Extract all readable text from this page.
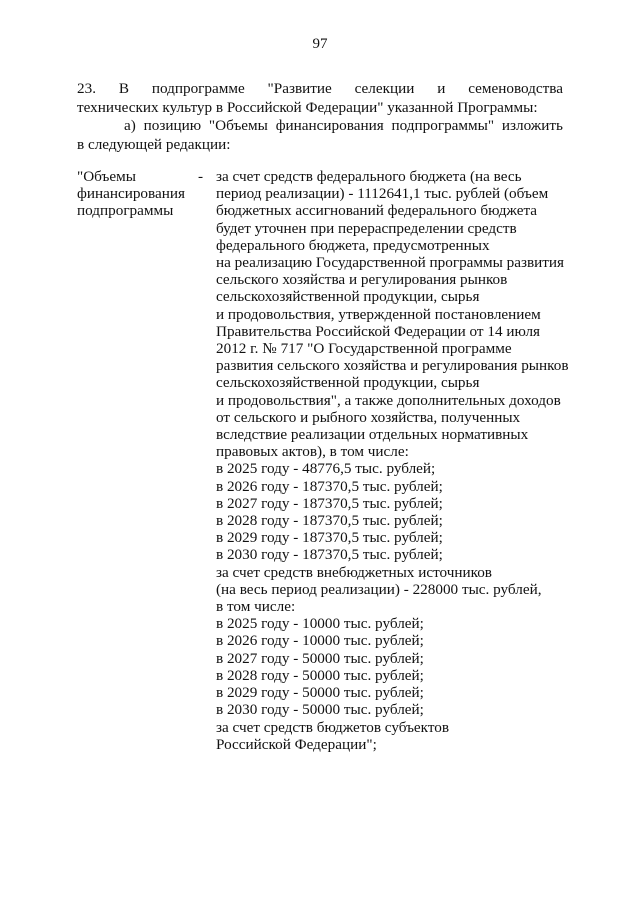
97
23. В подпрограмме "Развитие селекции и семеноводства
технических культур в Российской Федерации" указанной Программы:
а) позицию "Объемы финансирования подпрограммы" изложить
в следующей редакции:
"Объемы
финансирования
подпрограммы
- за счет средств федерального бюджета (на весь
период реализации) - 1112641,1 тыс. рублей (объем
бюджетных ассигнований федерального бюджета
будет уточнен при перераспределении средств
федерального бюджета, предусмотренных
на реализацию Государственной программы развития
сельского хозяйства и регулирования рынков
сельскохозяйственной продукции, сырья
и продовольствия, утвержденной постановлением
Правительства Российской Федерации от 14 июля
2012 г. № 717 "О Государственной программе
развития сельского хозяйства и регулирования рынков
сельскохозяйственной продукции, сырья
и продовольствия", а также дополнительных доходов
от сельского и рыбного хозяйства, полученных
вследствие реализации отдельных нормативных
правовых актов), в том числе:
в 2025 году - 48776,5 тыс. рублей;
в 2026 году - 187370,5 тыс. рублей;
в 2027 году - 187370,5 тыс. рублей;
в 2028 году - 187370,5 тыс. рублей;
в 2029 году - 187370,5 тыс. рублей;
в 2030 году - 187370,5 тыс. рублей;
за счет средств внебюджетных источников
(на весь период реализации) - 228000 тыс. рублей,
в том числе:
в 2025 году - 10000 тыс. рублей;
в 2026 году - 10000 тыс. рублей;
в 2027 году - 50000 тыс. рублей;
в 2028 году - 50000 тыс. рублей;
в 2029 году - 50000 тыс. рублей;
в 2030 году - 50000 тыс. рублей;
за счет средств бюджетов субъектов
Российской Федерации";
